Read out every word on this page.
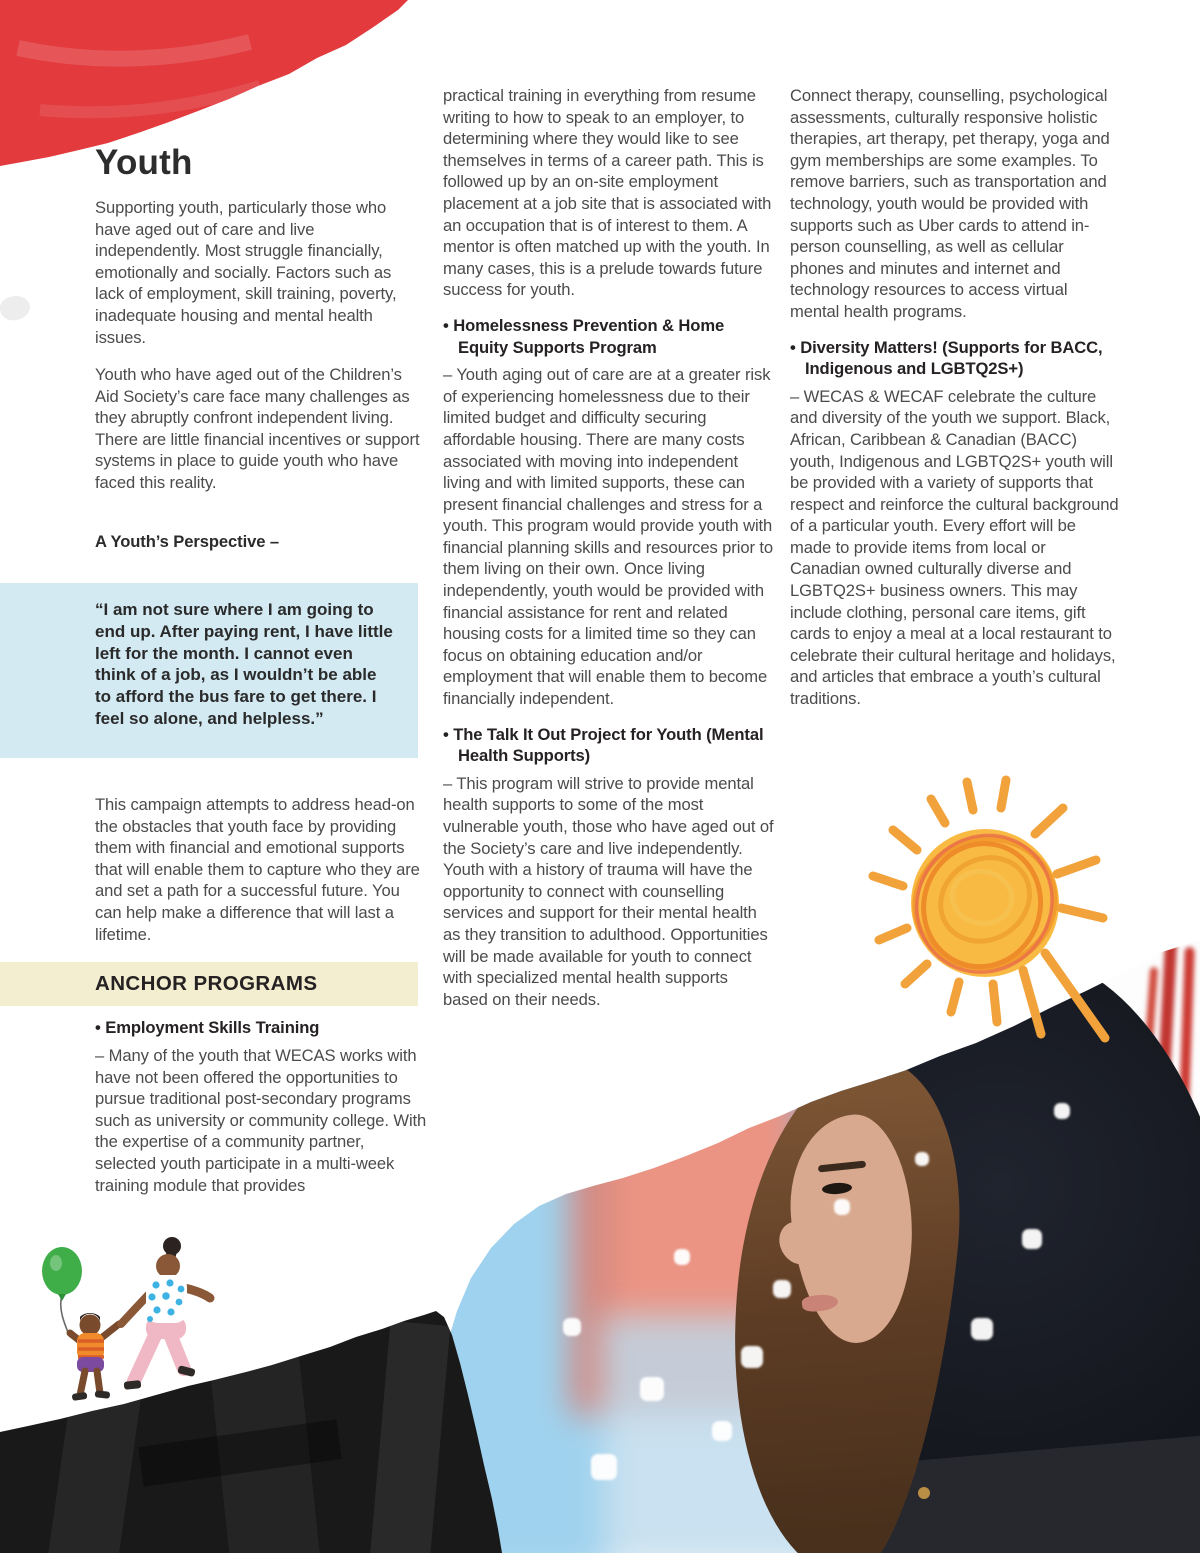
Youth
Supporting youth, particularly those who have aged out of care and live independently. Most struggle financially, emotionally and socially. Factors such as lack of employment, skill training, poverty, inadequate housing and mental health issues.
Youth who have aged out of the Children’s Aid Society’s care face many challenges as they abruptly confront independent living. There are little financial incentives or support systems in place to guide youth who have faced this reality.
A Youth’s Perspective –
“I am not sure where I am going to end up. After paying rent, I have little left for the month. I cannot even think of a job, as I wouldn’t be able to afford the bus fare to get there. I feel so alone, and helpless.”
This campaign attempts to address head-on the obstacles that youth face by providing them with financial and emotional supports that will enable them to capture who they are and set a path for a successful future. You can help make a difference that will last a lifetime.
ANCHOR PROGRAMS
• Employment Skills Training
– Many of the youth that WECAS works with have not been offered the opportunities to pursue traditional post-secondary programs such as university or community college. With the expertise of a community partner, selected youth participate in a multi-week training module that provides

practical training in everything from resume writing to how to speak to an employer, to determining where they would like to see themselves in terms of a career path. This is followed up by an on-site employment placement at a job site that is associated with an occupation that is of interest to them. A mentor is often matched up with the youth. In many cases, this is a prelude towards future success for youth.

• Homelessness Prevention & Home Equity Supports Program

– Youth aging out of care are at a greater risk of experiencing homelessness due to their limited budget and difficulty securing affordable housing. There are many costs associated with moving into independent living and with limited supports, these can present financial challenges and stress for a youth. This program would provide youth with financial planning skills and resources prior to them living on their own. Once living independently, youth would be provided with financial assistance for rent and related housing costs for a limited time so they can focus on obtaining education and/or employment that will enable them to become financially independent.

• The Talk It Out Project for Youth (Mental Health Supports)

– This program will strive to provide mental health supports to some of the most vulnerable youth, those who have aged out of the Society’s care and live independently. Youth with a history of trauma will have the opportunity to connect with counselling services and support for their mental health as they transition to adulthood. Opportunities will be made available for youth to connect with specialized mental health supports based on their needs.

Connect therapy, counselling, psychological assessments, culturally responsive holistic therapies, art therapy, pet therapy, yoga and gym memberships are some examples. To remove barriers, such as transportation and technology, youth would be provided with supports such as Uber cards to attend in-person counselling, as well as cellular phones and minutes and internet and technology resources to access virtual mental health programs.

• Diversity Matters! (Supports for BACC, Indigenous and LGBTQ2S+)

– WECAS & WECAF celebrate the culture and diversity of the youth we support. Black, African, Caribbean & Canadian (BACC) youth, Indigenous and LGBTQ2S+ youth will be provided with a variety of supports that respect and reinforce the cultural background of a particular youth. Every effort will be made to provide items from local or Canadian owned culturally diverse and LGBTQ2S+ business owners. This may include clothing, personal care items, gift cards to enjoy a meal at a local restaurant to celebrate their cultural heritage and holidays, and articles that embrace a youth’s cultural traditions.
